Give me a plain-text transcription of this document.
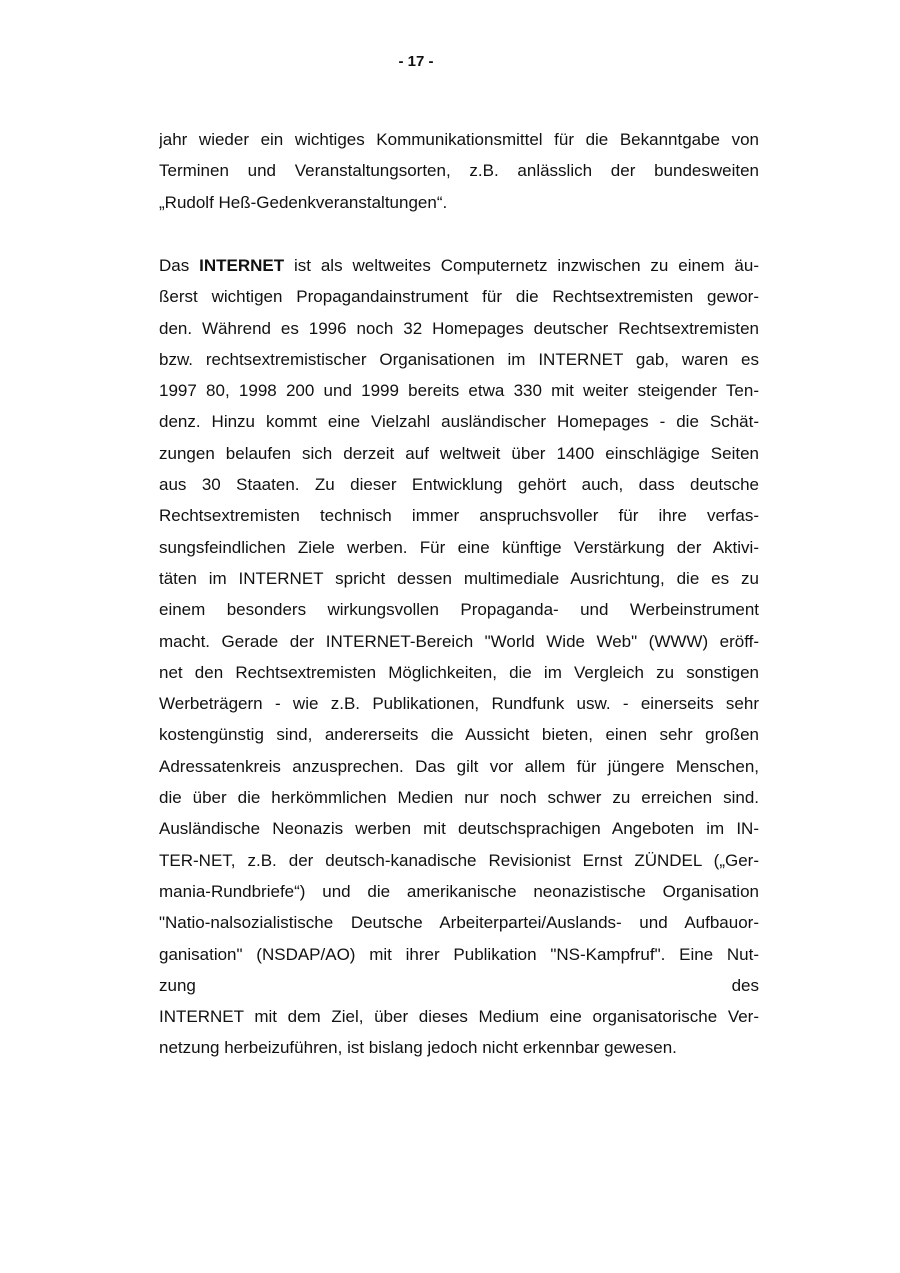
- 17 -
jahr wieder ein wichtiges Kommunikationsmittel für die Bekanntgabe von
Terminen und Veranstaltungsorten, z.B. anlässlich der bundesweiten
„Rudolf Heß-Gedenkveranstaltungen“.
Das INTERNET ist als weltweites Computernetz inzwischen zu einem äu-
ßerst wichtigen Propagandainstrument für die Rechtsextremisten gewor-
den. Während es 1996 noch 32 Homepages deutscher Rechtsextremisten
bzw. rechtsextremistischer Organisationen im INTERNET gab, waren es
1997 80, 1998 200 und 1999 bereits etwa 330 mit weiter steigender Ten-
denz. Hinzu kommt eine Vielzahl ausländischer Homepages - die Schät-
zungen belaufen sich derzeit auf weltweit über 1400 einschlägige Seiten
aus 30 Staaten. Zu dieser Entwicklung gehört auch, dass deutsche
Rechtsextremisten technisch immer anspruchsvoller für ihre verfas-
sungsfeindlichen Ziele werben. Für eine künftige Verstärkung der Aktivi-
täten im INTERNET spricht dessen multimediale Ausrichtung, die es zu
einem besonders wirkungsvollen Propaganda- und Werbeinstrument
macht. Gerade der INTERNET-Bereich "World Wide Web" (WWW) eröff-
net den Rechtsextremisten Möglichkeiten, die im Vergleich zu sonstigen
Werbeträgern - wie z.B. Publikationen, Rundfunk usw. - einerseits sehr
kostengünstig sind, andererseits die Aussicht bieten, einen sehr großen
Adressatenkreis anzusprechen. Das gilt vor allem für jüngere Menschen,
die über die herkömmlichen Medien nur noch schwer zu erreichen sind.
Ausländische Neonazis werben mit deutschsprachigen Angeboten im IN-
TER-NET, z.B. der deutsch-kanadische Revisionist Ernst ZÜNDEL („Ger-
mania-Rundbriefe“) und die amerikanische neonazistische Organisation
"Natio-nalsozialistische Deutsche Arbeiterpartei/Auslands- und Aufbauor-
ganisation" (NSDAP/AO) mit ihrer Publikation "NS-Kampfruf". Eine Nut-
zung des
INTERNET mit dem Ziel, über dieses Medium eine organisatorische Ver-
netzung herbeizuführen, ist bislang jedoch nicht erkennbar gewesen.
